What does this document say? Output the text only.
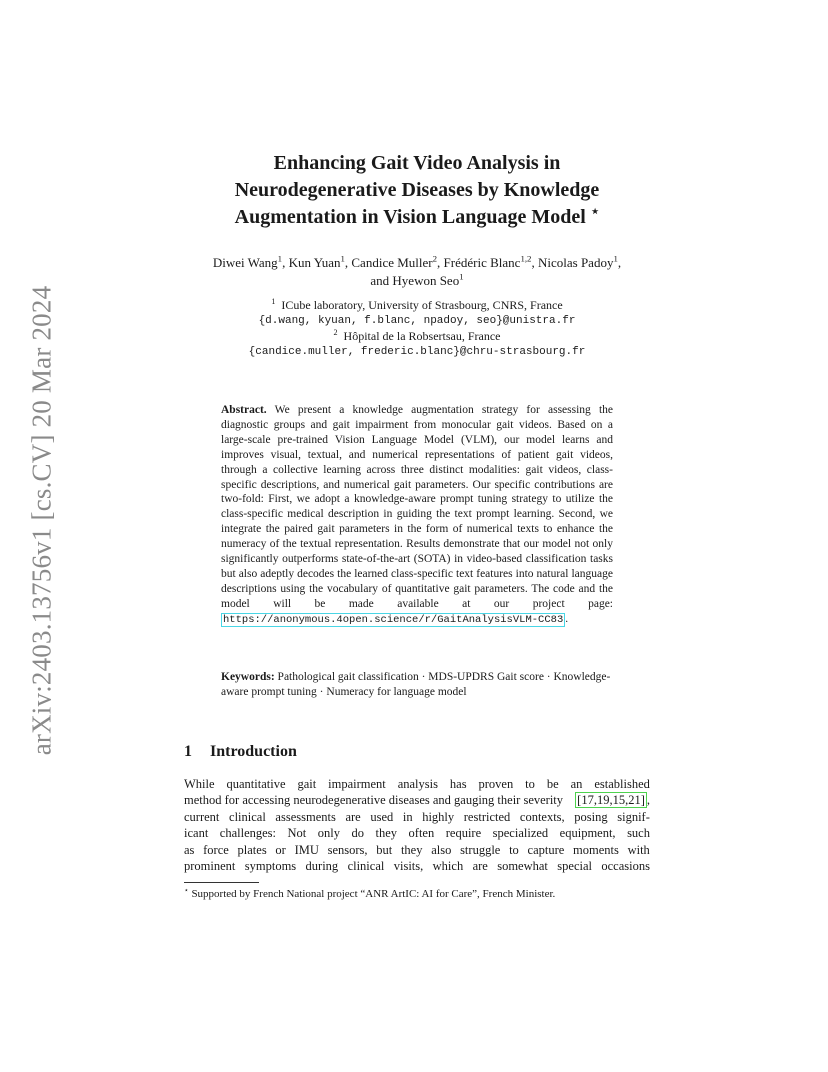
arXiv:2403.13756v1 [cs.CV] 20 Mar 2024
Enhancing Gait Video Analysis in
Neurodegenerative Diseases by Knowledge
Augmentation in Vision Language Model ⋆
Diwei Wang$^1$, Kun Yuan$^1$, Candice Muller$^2$, Frédéric Blanc$^{1,2}$, Nicolas Padoy$^1$,
and Hyewon Seo$^1$
$^1$ ICube laboratory, University of Strasbourg, CNRS, France
{d.wang, kyuan, f.blanc, npadoy, seo}@unistra.fr
$^2$ Hôpital de la Robsertsau, France
{candice.muller, frederic.blanc}@chru-strasbourg.fr
Abstract. We present a knowledge augmentation strategy for assessing the diagnostic groups and gait impairment from monocular gait videos. Based on a large-scale pre-trained Vision Language Model (VLM), our model learns and improves visual, textual, and numerical representations of patient gait videos, through a collective learning across three distinct modalities: gait videos, class-specific descriptions, and numerical gait parameters. Our specific contributions are two-fold: First, we adopt a knowledge-aware prompt tuning strategy to utilize the class-specific medical description in guiding the text prompt learning. Second, we integrate the paired gait parameters in the form of numerical texts to enhance the numeracy of the textual representation. Results demonstrate that our model not only significantly outperforms state-of-the-art (SOTA) in video-based classification tasks but also adeptly decodes the learned class-specific text features into natural language descriptions using the vocabulary of quantitative gait parameters. The code and the model will be made available at our project page: https://anonymous.4open.science/r/GaitAnalysisVLM-CC83 .
Keywords: Pathological gait classification · MDS-UPDRS Gait score · Knowledge-aware prompt tuning · Numeracy for language model
1 Introduction
While quantitative gait impairment analysis has proven to be an established
method for accessing neurodegenerative diseases and gauging their severity [17,19,15,21] ,
current clinical assessments are used in highly restricted contexts, posing signif-
icant challenges: Not only do they often require specialized equipment, such
as force plates or IMU sensors, but they also struggle to capture moments with
prominent symptoms during clinical visits, which are somewhat special occasions
⋆ Supported by French National project “ANR ArtIC: AI for Care”, French Minister.
